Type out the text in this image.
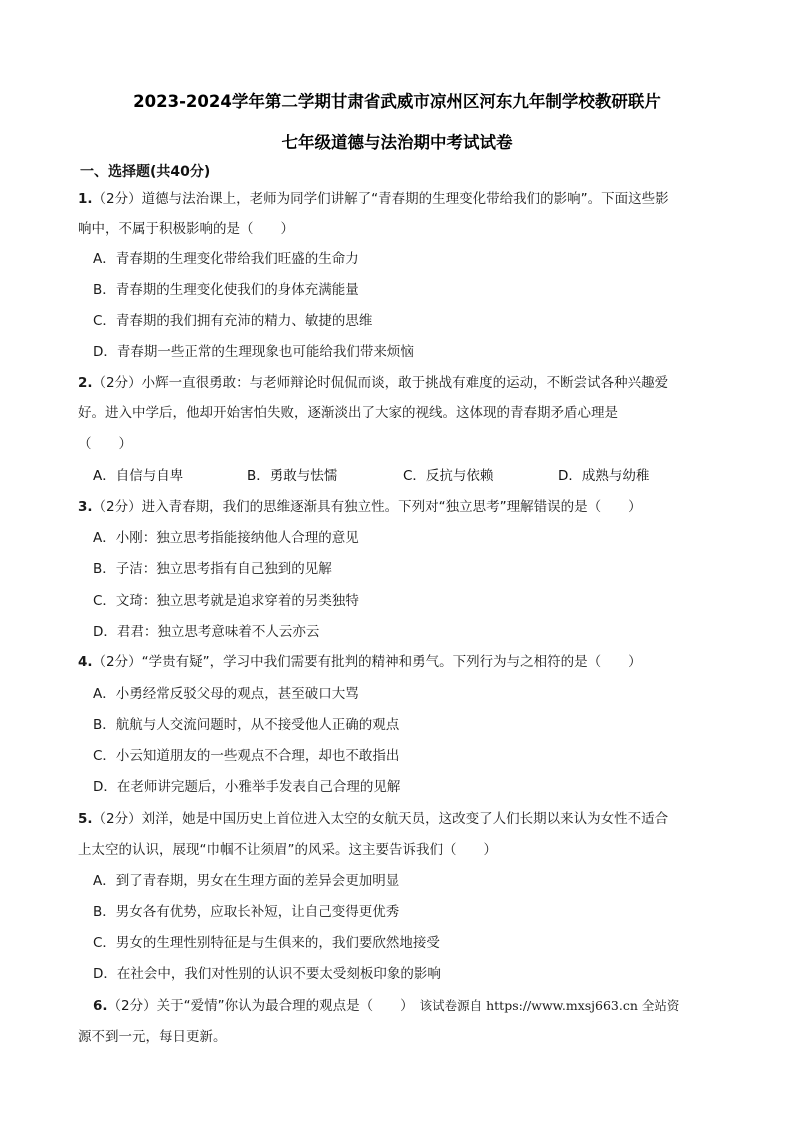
2023-2024学年第二学期甘肃省武威市凉州区河东九年制学校教研联片
七年级道德与法治期中考试试卷
一、选择题(共40分)
1.（2分）道德与法治课上，老师为同学们讲解了“青春期的生理变化带给我们的影响”。下面这些影
响中，不属于积极影响的是（　　）
A．青春期的生理变化带给我们旺盛的生命力
B．青春期的生理变化使我们的身体充满能量
C．青春期的我们拥有充沛的精力、敏捷的思维
D．青春期一些正常的生理现象也可能给我们带来烦恼
2.（2分）小辉一直很勇敢：与老师辩论时侃侃而谈，敢于挑战有难度的运动，不断尝试各种兴趣爱
好。进入中学后，他却开始害怕失败，逐渐淡出了大家的视线。这体现的青春期矛盾心理是
（　　）
A．自信与自卑	B．勇敢与怯懦	C．反抗与依赖	D．成熟与幼稚
3.（2分）进入青春期，我们的思维逐渐具有独立性。下列对“独立思考”理解错误的是（　　）
A．小刚：独立思考指能接纳他人合理的意见
B．子洁：独立思考指有自己独到的见解
C．文琦：独立思考就是追求穿着的另类独特
D．君君：独立思考意味着不人云亦云
4.（2分）“学贵有疑”，学习中我们需要有批判的精神和勇气。下列行为与之相符的是（　　）
A．小勇经常反驳父母的观点，甚至破口大骂
B．航航与人交流问题时，从不接受他人正确的观点
C．小云知道朋友的一些观点不合理，却也不敢指出
D．在老师讲完题后，小雅举手发表自己合理的见解
5.（2分）刘洋，她是中国历史上首位进入太空的女航天员，这改变了人们长期以来认为女性不适合
上太空的认识，展现“巾帼不让须眉”的风采。这主要告诉我们（　　）
A．到了青春期，男女在生理方面的差异会更加明显
B．男女各有优势，应取长补短，让自己变得更优秀
C．男女的生理性别特征是与生俱来的，我们要欣然地接受
D．在社会中，我们对性别的认识不要太受刻板印象的影响
6.（2分）关于“爱情”你认为最合理的观点是（　　） 该试卷源自 https://www.mxsj663.cn 全站资
源不到一元，每日更新。
